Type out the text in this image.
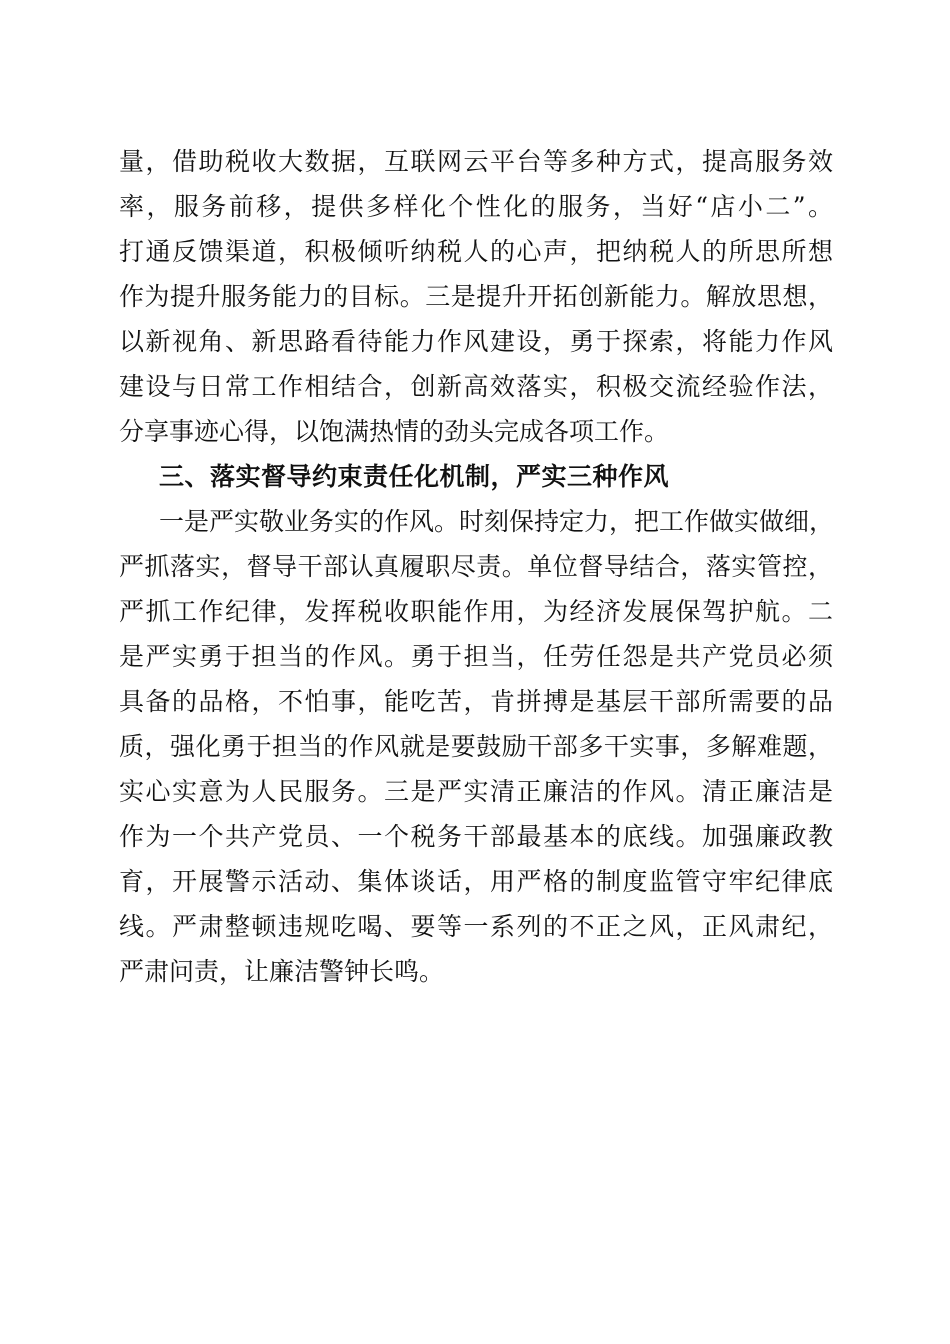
量，借助税收大数据，互联网云平台等多种方式，提高服务效
率，服务前移，提供多样化个性化的服务，当好“店小二”。
打通反馈渠道，积极倾听纳税人的心声，把纳税人的所思所想
作为提升服务能力的目标。三是提升开拓创新能力。解放思想，
以新视角、新思路看待能力作风建设，勇于探索，将能力作风
建设与日常工作相结合，创新高效落实，积极交流经验作法，
分享事迹心得，以饱满热情的劲头完成各项工作。
三、落实督导约束责任化机制，严实三种作风
一是严实敬业务实的作风。时刻保持定力，把工作做实做细，
严抓落实，督导干部认真履职尽责。单位督导结合，落实管控，
严抓工作纪律，发挥税收职能作用，为经济发展保驾护航。二
是严实勇于担当的作风。勇于担当，任劳任怨是共产党员必须
具备的品格，不怕事，能吃苦，肯拼搏是基层干部所需要的品
质，强化勇于担当的作风就是要鼓励干部多干实事，多解难题，
实心实意为人民服务。三是严实清正廉洁的作风。清正廉洁是
作为一个共产党员、一个税务干部最基本的底线。加强廉政教
育，开展警示活动、集体谈话，用严格的制度监管守牢纪律底
线。严肃整顿违规吃喝、要等一系列的不正之风，正风肃纪，
严肃问责，让廉洁警钟长鸣。
